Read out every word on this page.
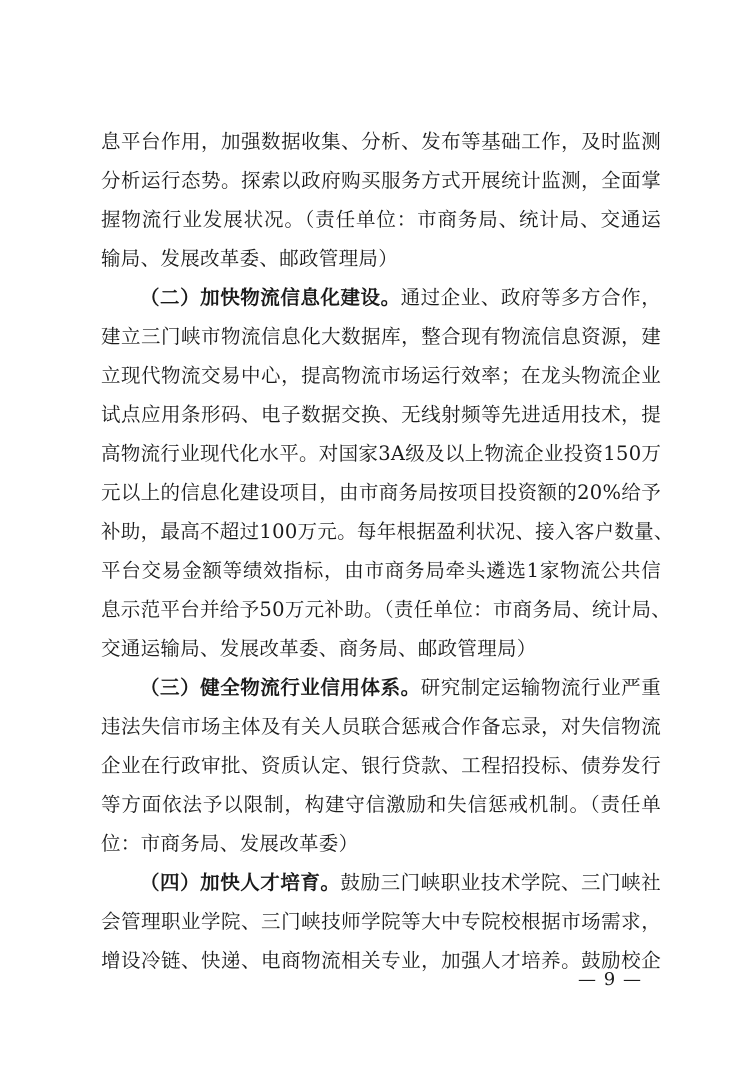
息平台作用，加强数据收集、分析、发布等基础工作，及时监测
分析运行态势。探索以政府购买服务方式开展统计监测，全面掌
握物流行业发展状况。（责任单位：市商务局、统计局、交通运
输局、发展改革委、邮政管理局）
（二）加快物流信息化建设。通过企业、政府等多方合作，
建立三门峡市物流信息化大数据库，整合现有物流信息资源，建
立现代物流交易中心，提高物流市场运行效率；在龙头物流企业
试点应用条形码、电子数据交换、无线射频等先进适用技术，提
高物流行业现代化水平。对国家3A级及以上物流企业投资150万
元以上的信息化建设项目，由市商务局按项目投资额的20%给予
补助，最高不超过100万元。每年根据盈利状况、接入客户数量、
平台交易金额等绩效指标，由市商务局牵头遴选1家物流公共信
息示范平台并给予50万元补助。（责任单位：市商务局、统计局、
交通运输局、发展改革委、商务局、邮政管理局）
（三）健全物流行业信用体系。研究制定运输物流行业严重
违法失信市场主体及有关人员联合惩戒合作备忘录，对失信物流
企业在行政审批、资质认定、银行贷款、工程招投标、债券发行
等方面依法予以限制，构建守信激励和失信惩戒机制。（责任单
位：市商务局、发展改革委）
（四）加快人才培育。鼓励三门峡职业技术学院、三门峡社
会管理职业学院、三门峡技师学院等大中专院校根据市场需求，
增设冷链、快递、电商物流相关专业，加强人才培养。鼓励校企
— 9 —
